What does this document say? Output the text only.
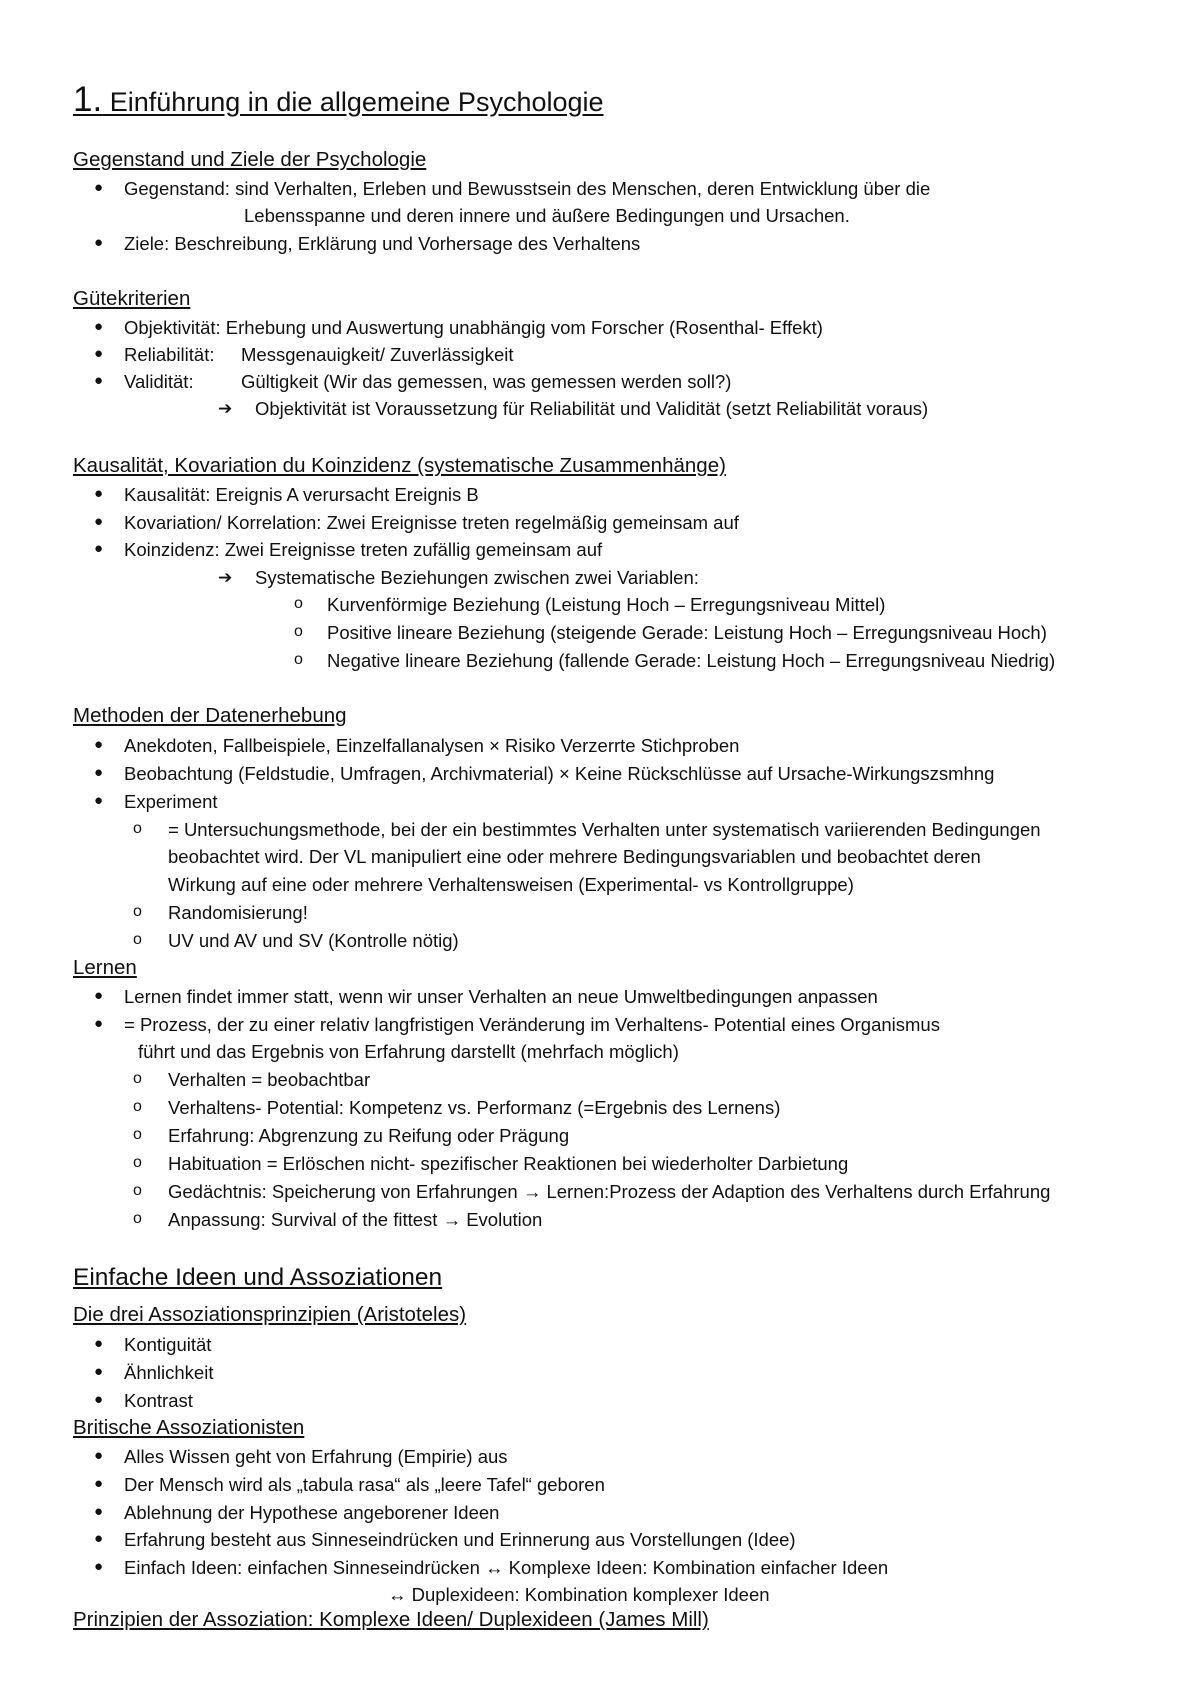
1. Einführung in die allgemeine Psychologie
Gegenstand und Ziele der Psychologie
● Gegenstand: sind Verhalten, Erleben und Bewusstsein des Menschen, deren Entwicklung über die
Lebensspanne und deren innere und äußere Bedingungen und Ursachen.
● Ziele: Beschreibung, Erklärung und Vorhersage des Verhaltens
Gütekriterien
● Objektivität: Erhebung und Auswertung unabhängig vom Forscher (Rosenthal- Effekt)
● Reliabilität: Messgenauigkeit/ Zuverlässigkeit
● Validität:	Gültigkeit (Wir das gemessen, was gemessen werden soll?)
➔ Objektivität ist Voraussetzung für Reliabilität und Validität (setzt Reliabilität voraus)
Kausalität, Kovariation du Koinzidenz (systematische Zusammenhänge)
● Kausalität: Ereignis A verursacht Ereignis B
● Kovariation/ Korrelation: Zwei Ereignisse treten regelmäßig gemeinsam auf
● Koinzidenz: Zwei Ereignisse treten zufällig gemeinsam auf
➔ Systematische Beziehungen zwischen zwei Variablen:
o Kurvenförmige Beziehung (Leistung Hoch – Erregungsniveau Mittel)
o Positive lineare Beziehung (steigende Gerade: Leistung Hoch – Erregungsniveau Hoch)
o Negative lineare Beziehung (fallende Gerade: Leistung Hoch – Erregungsniveau Niedrig)
Methoden der Datenerhebung
● Anekdoten, Fallbeispiele, Einzelfallanalysen × Risiko Verzerrte Stichproben
● Beobachtung (Feldstudie, Umfragen, Archivmaterial) × Keine Rückschlüsse auf Ursache-Wirkungszsmhng
● Experiment
o = Untersuchungsmethode, bei der ein bestimmtes Verhalten unter systematisch variierenden Bedingungen
beobachtet wird. Der VL manipuliert eine oder mehrere Bedingungsvariablen und beobachtet deren
Wirkung auf eine oder mehrere Verhaltensweisen (Experimental- vs Kontrollgruppe)
o Randomisierung!
o UV und AV und SV (Kontrolle nötig)
Lernen
● Lernen findet immer statt, wenn wir unser Verhalten an neue Umweltbedingungen anpassen
● = Prozess, der zu einer relativ langfristigen Veränderung im Verhaltens- Potential eines Organismus
führt und das Ergebnis von Erfahrung darstellt (mehrfach möglich)
o Verhalten = beobachtbar
o Verhaltens- Potential: Kompetenz vs. Performanz (=Ergebnis des Lernens)
o Erfahrung: Abgrenzung zu Reifung oder Prägung
o Habituation = Erlöschen nicht- spezifischer Reaktionen bei wiederholter Darbietung
o Gedächtnis: Speicherung von Erfahrungen → Lernen:Prozess der Adaption des Verhaltens durch Erfahrung
o Anpassung: Survival of the fittest → Evolution
Einfache Ideen und Assoziationen
Die drei Assoziationsprinzipien (Aristoteles)
● Kontiguität
● Ähnlichkeit
● Kontrast
Britische Assoziationisten
● Alles Wissen geht von Erfahrung (Empirie) aus
● Der Mensch wird als „tabula rasa“ als „leere Tafel“ geboren
● Ablehnung der Hypothese angeborener Ideen
● Erfahrung besteht aus Sinneseindrücken und Erinnerung aus Vorstellungen (Idee)
● Einfach Ideen: einfachen Sinneseindrücken ↔ Komplexe Ideen: Kombination einfacher Ideen
↔ Duplexideen: Kombination komplexer Ideen
Prinzipien der Assoziation: Komplexe Ideen/ Duplexideen (James Mill)
